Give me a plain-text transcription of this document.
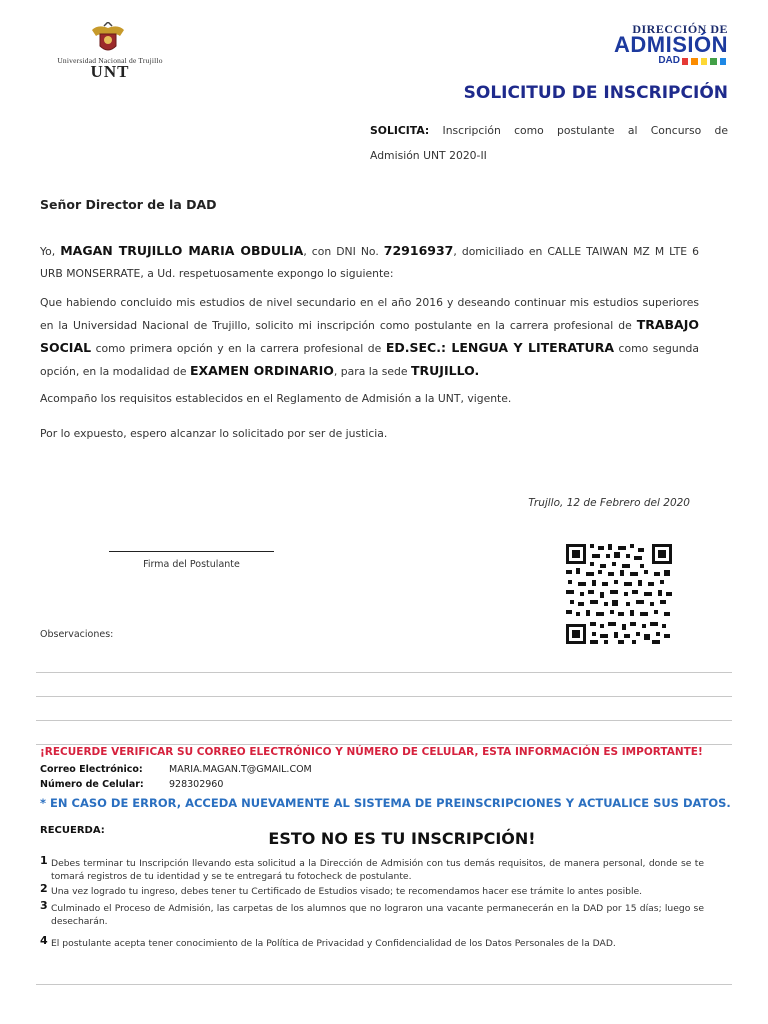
Universidad Nacional de Trujillo
UNT
DIRECCIÓN DE
ADMISIÓN
DAD
SOLICITUD DE INSCRIPCIÓN
SOLICITA: Inscripción como postulante al Concurso de
Admisión UNT 2020-II
Señor Director de la DAD
Yo, MAGAN TRUJILLO MARIA OBDULIA, con DNI No. 72916937, domiciliado en CALLE TAIWAN MZ M LTE 6 URB MONSERRATE, a Ud. respetuosamente expongo lo siguiente:
Que habiendo concluido mis estudios de nivel secundario en el año 2016 y deseando continuar mis estudios superiores en la Universidad Nacional de Trujillo, solicito mi inscripción como postulante en la carrera profesional de TRABAJO SOCIAL como primera opción y en la carrera profesional de ED.SEC.: LENGUA Y LITERATURA como segunda opción, en la modalidad de EXAMEN ORDINARIO, para la sede TRUJILLO.
Acompaño los requisitos establecidos en el Reglamento de Admisión a la UNT, vigente.
Por lo expuesto, espero alcanzar lo solicitado por ser de justicia.
Trujllo, 12 de Febrero del 2020
Firma del Postulante
Observaciones:
¡RECUERDE VERIFICAR SU CORREO ELECTRÓNICO Y NÚMERO DE CELULAR, ESTA INFORMACIÓN ES IMPORTANTE!
Correo Electrónico:	MARIA.MAGAN.T@GMAIL.COM
Número de Celular:	928302960
* EN CASO DE ERROR, ACCEDA NUEVAMENTE AL SISTEMA DE PREINSCRIPCIONES Y ACTUALICE SUS DATOS.
RECUERDA:	ESTO NO ES TU INSCRIPCIÓN!
1 Debes terminar tu Inscripción llevando esta solicitud a la Dirección de Admisión con tus demás requisitos, de manera personal, donde se te tomará registros de tu identidad y se te entregará tu fotocheck de postulante.
2 Una vez logrado tu ingreso, debes tener tu Certificado de Estudios visado; te recomendamos hacer ese trámite lo antes posible.
3 Culminado el Proceso de Admisión, las carpetas de los alumnos que no lograron una vacante permanecerán en la DAD por 15 días; luego se desecharán.
4 El postulante acepta tener conocimiento de la Política de Privacidad y Confidencialidad de los Datos Personales de la DAD.
